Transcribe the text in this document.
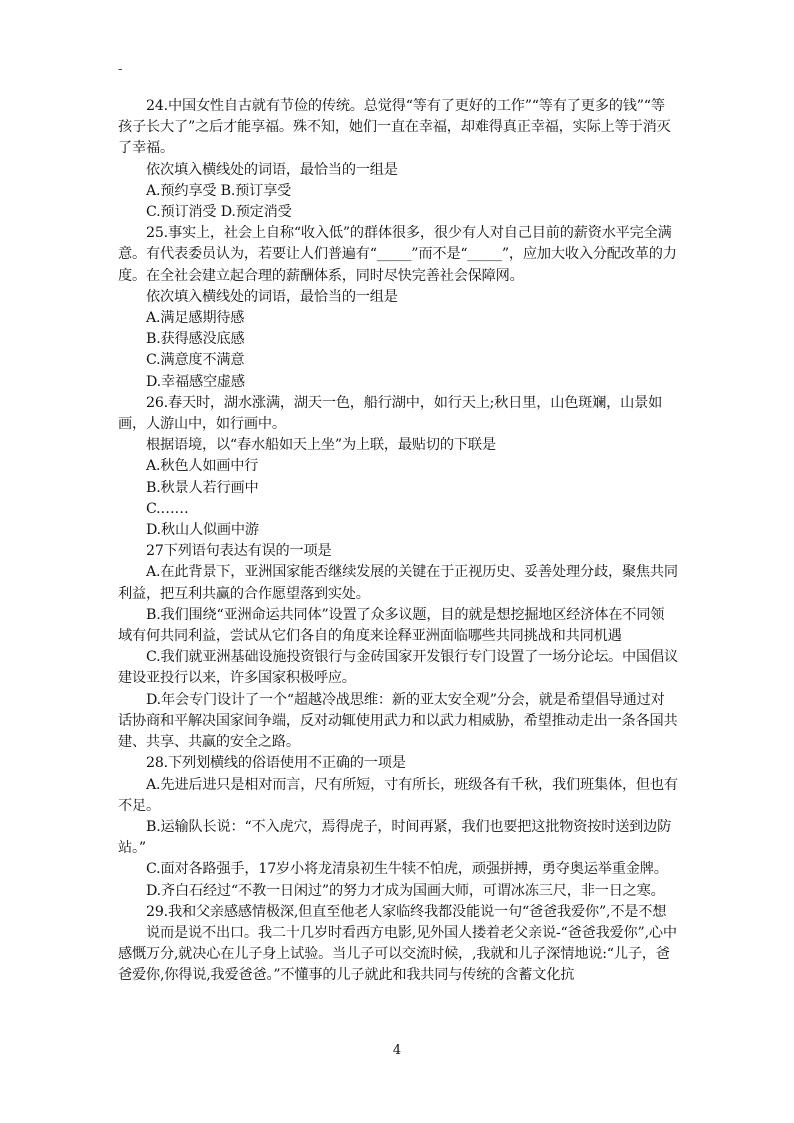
-

24.中国女性自古就有节俭的传统。总觉得“等有了更好的工作”“等有了更多的钱”“等孩子长大了”之后才能享福。殊不知，她们一直在幸福，却难得真正幸福，实际上等于消灭了幸福。

依次填入横线处的词语，最恰当的一组是

A.预约享受 B.预订享受

C.预订消受 D.预定消受

25.事实上，社会上自称“收入低”的群体很多，很少有人对自己目前的薪资水平完全满意。有代表委员认为，若要让人们普遍有“_____”而不是“_____”，应加大收入分配改革的力度。在全社会建立起合理的薪酬体系，同时尽快完善社会保障网。

依次填入横线处的词语，最恰当的一组是

A.满足感期待感

B.获得感没底感

C.满意度不满意

D.幸福感空虚感

26.春天时，湖水涨满，湖天一色，船行湖中，如行天上;秋日里，山色斑斓，山景如画，人游山中，如行画中。

根据语境，以“春水船如天上坐”为上联，最贴切的下联是

A.秋色人如画中行

B.秋景人若行画中

C.……

D.秋山人似画中游

27下列语句表达有误的一项是

A.在此背景下，亚洲国家能否继续发展的关键在于正视历史、妥善处理分歧，聚焦共同利益，把互利共赢的合作愿望落到实处。

B.我们围绕“亚洲命运共同体”设置了众多议题，目的就是想挖掘地区经济体在不同领域有何共同利益，尝试从它们各自的角度来诠释亚洲面临哪些共同挑战和共同机遇

C.我们就亚洲基础设施投资银行与金砖国家开发银行专门设置了一场分论坛。中国倡议建设亚投行以来，许多国家积极呼应。

D.年会专门设计了一个“超越冷战思维：新的亚太安全观”分会，就是希望倡导通过对话协商和平解决国家间争端，反对动辄使用武力和以武力相威胁，希望推动走出一条各国共建、共享、共赢的安全之路。

28.下列划横线的俗语使用不正确的一项是

A.先进后进只是相对而言，尺有所短，寸有所长，班级各有千秋，我们班集体，但也有不足。

B.运输队长说：“不入虎穴，焉得虎子，时间再紧，我们也要把这批物资按时送到边防站。”

C.面对各路强手，17岁小将龙清泉初生牛犊不怕虎，顽强拼搏，勇夺奥运举重金牌。

D.齐白石经过“不教一日闲过”的努力才成为国画大师，可谓冰冻三尺，非一日之寒。

29.我和父亲感感情极深,但直至他老人家临终我都没能说一句“爸爸我爱你”,不是不想

说而是说不出口。我二十几岁时看西方电影,见外国人搂着老父亲说-“爸爸我爱你”,心中感慨万分,就决心在儿子身上试验。当儿子可以交流时候，,我就和儿子深情地说:“儿子，爸爸爱你,你得说,我爱爸爸。”不懂事的儿子就此和我共同与传统的含蓄文化抗

4
